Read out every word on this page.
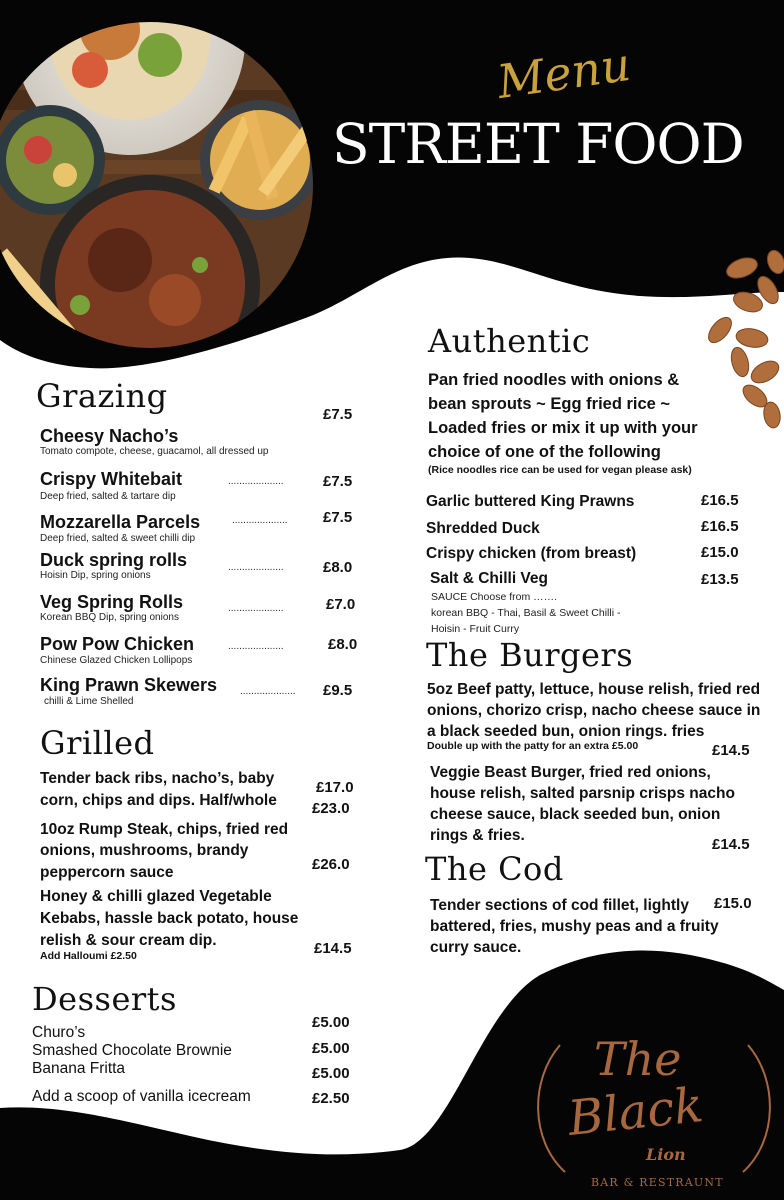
Menu
STREET FOOD
Grazing
Cheesy Nacho’s
Tomato compote, cheese, guacamol, all dressed up
£7.5
Crispy Whitebait
Deep fried, salted & tartare dip
....................	£7.5
Mozzarella Parcels
Deep fried, salted & sweet chilli dip
.................... £7.5
Duck spring rolls
Hoisin Dip, spring onions
....................	£8.0
Veg Spring Rolls
Korean BBQ Dip, spring onions
....................	£7.0
Pow Pow Chicken
Chinese Glazed Chicken Lollipops
....................	£8.0
King Prawn Skewers
chilli & Lime Shelled
.................... £9.5
Grilled
Tender back ribs, nacho’s, baby
corn, chips and dips. Half/whole
£17.0
£23.0
10oz Rump Steak, chips, fried red
onions, mushrooms, brandy
peppercorn sauce	£26.0
Honey & chilli glazed Vegetable
Kebabs, hassle back potato, house
relish & sour cream dip.
Add Halloumi £2.50	£14.5
Desserts
Churo’s
£5.00
Smashed Chocolate Brownie	£5.00
Banana Fritta	£5.00
Add a scoop of vanilla icecream	£2.50
Authentic
Pan fried noodles with onions &
bean sprouts ~ Egg fried rice ~
Loaded fries or mix it up with your
choice of one of the following
(Rice noodles rice can be used for vegan please ask)
Garlic buttered King Prawns	£16.5
Shredded Duck	£16.5
Crispy chicken (from breast)	£15.0
Salt & Chilli Veg	£13.5
SAUCE Choose from …….
korean BBQ - Thai, Basil & Sweet Chilli -
Hoisin - Fruit Curry
The Burgers
5oz Beef patty, lettuce, house relish, fried red
onions, chorizo crisp, nacho cheese sauce in
a black seeded bun, onion rings. fries
Double up with the patty for an extra £5.00	£14.5
Veggie Beast Burger, fried red onions,
house relish, salted parsnip crisps nacho
cheese sauce, black seeded bun, onion
rings & fries.
£14.5
The Cod
Tender sections of cod fillet, lightly
battered, fries, mushy peas and a fruity
curry sauce.
£15.0
The
Black
Lion
BAR & RESTRAUNT
